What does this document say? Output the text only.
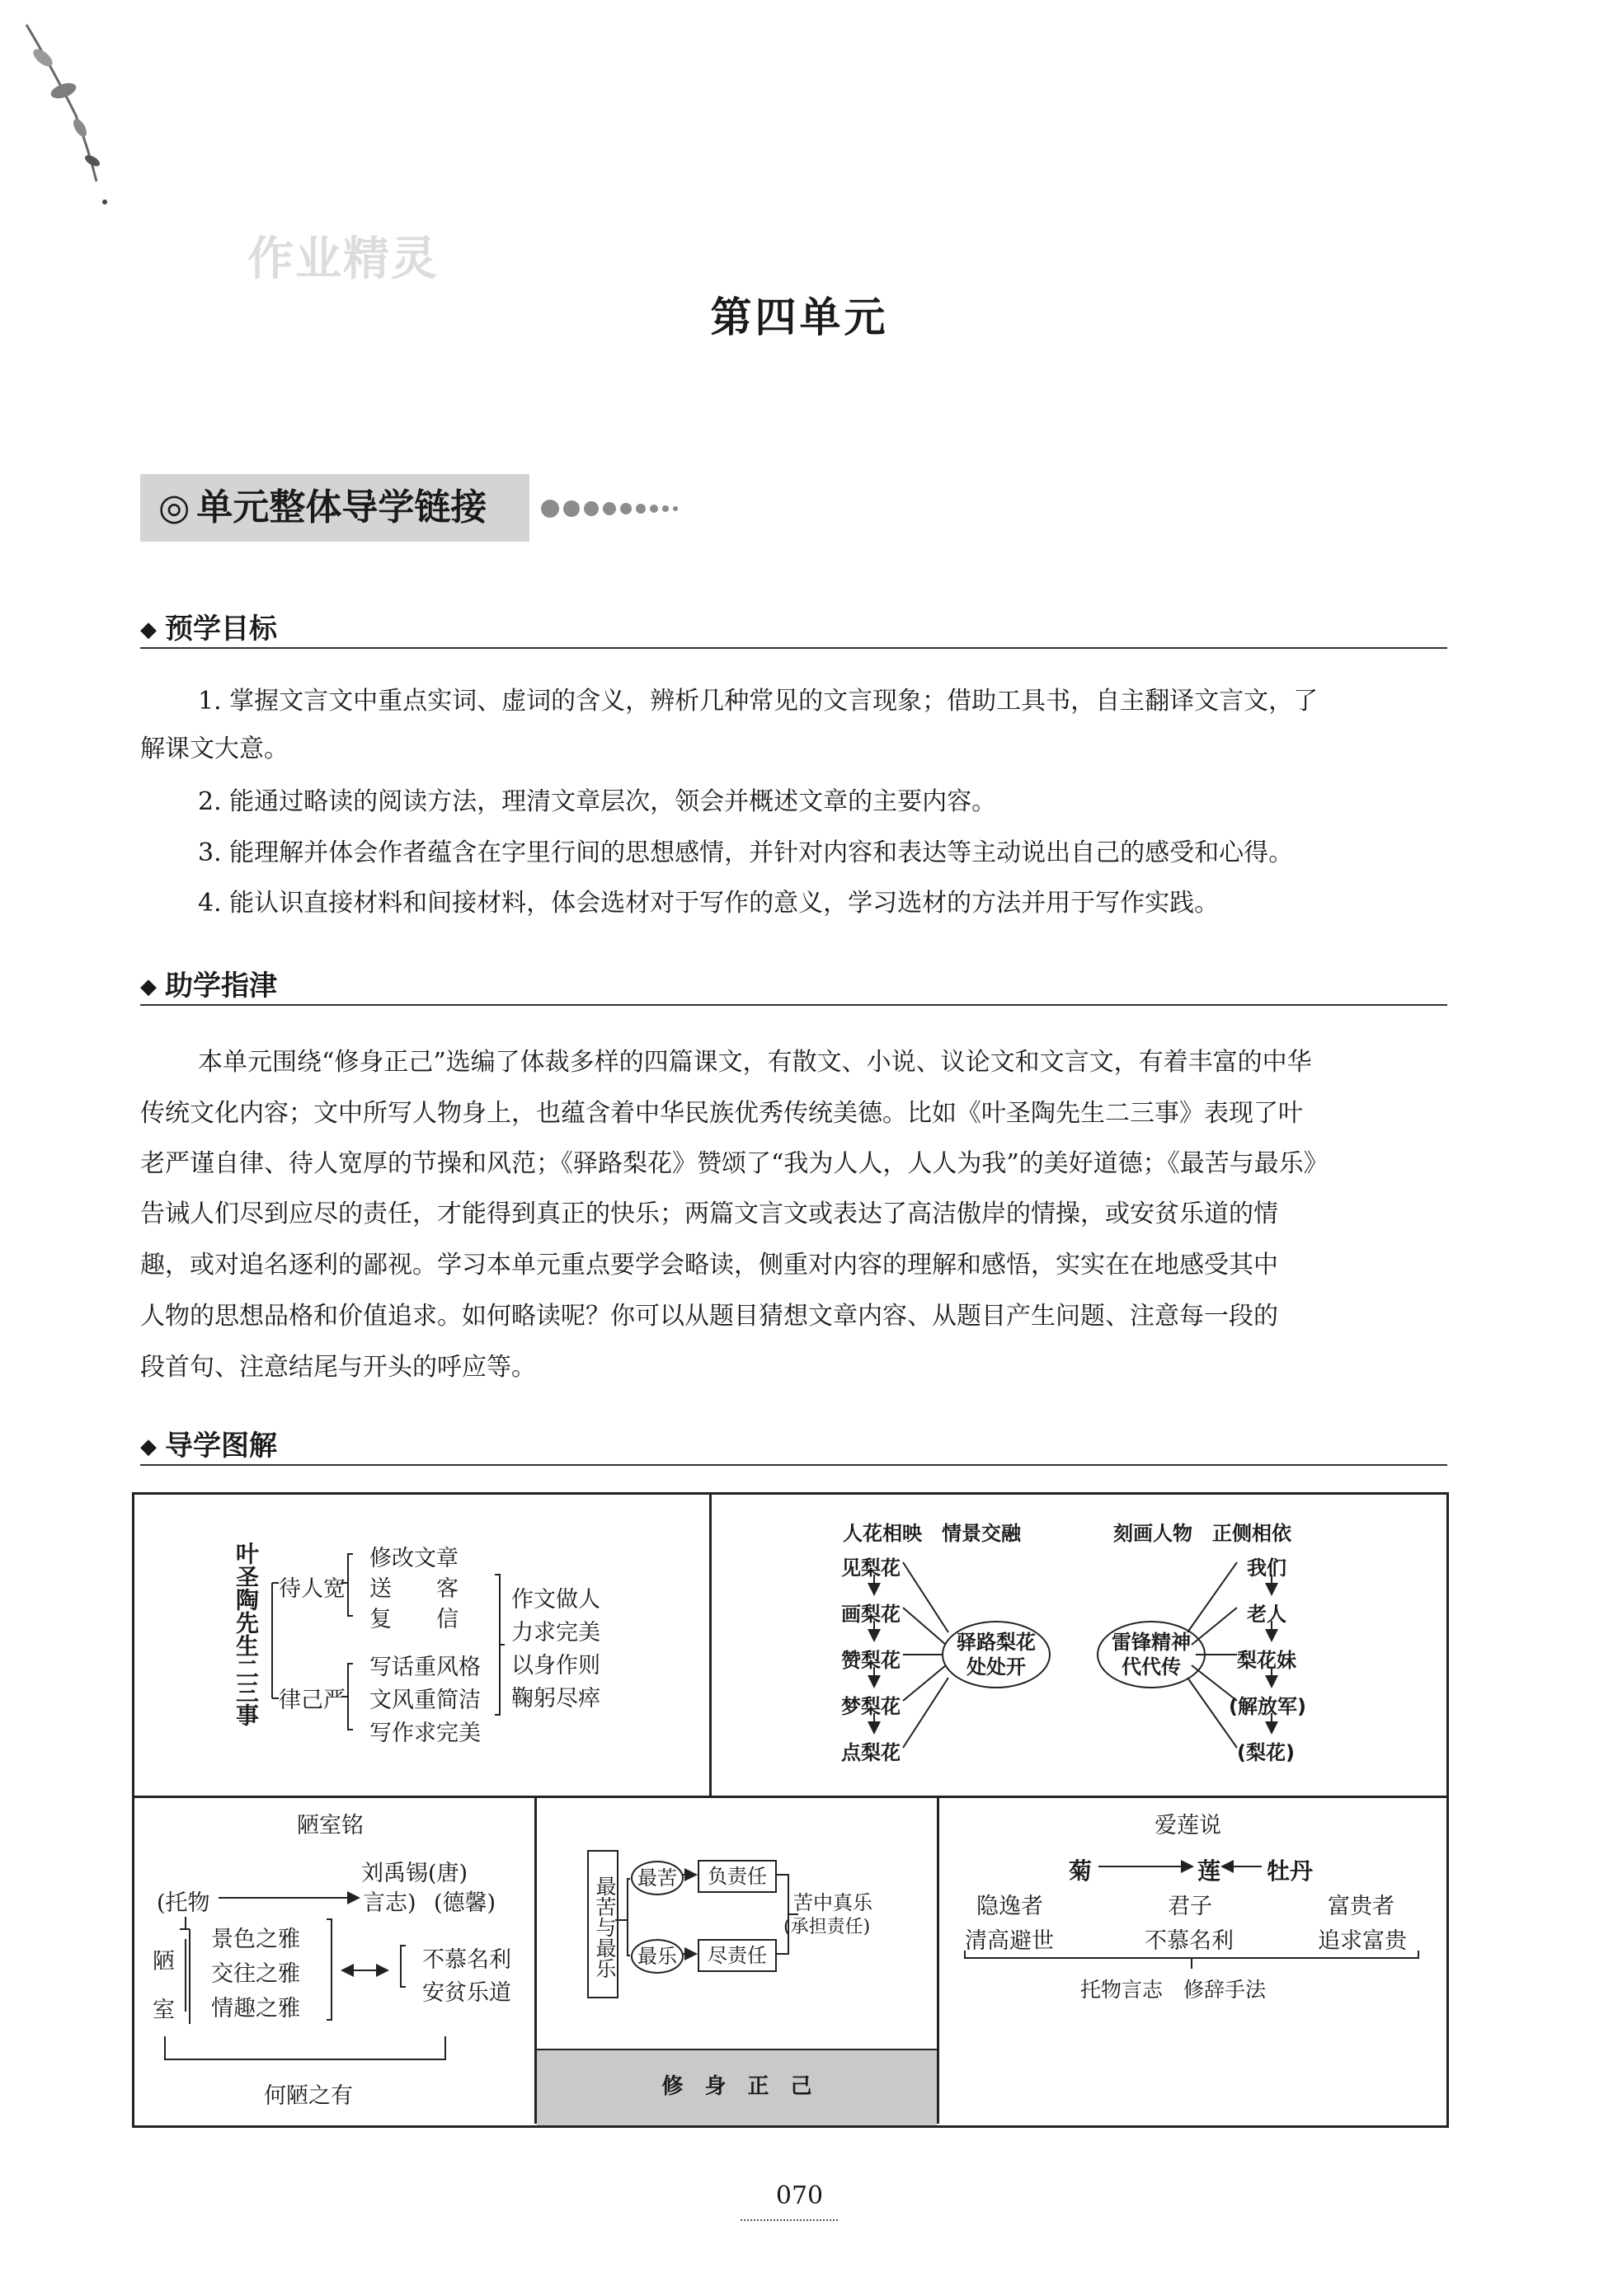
作业精灵
第四单元
◎ 单元整体导学链接
◆ 预学目标
1. 掌握文言文中重点实词、虚词的含义，辨析几种常见的文言现象；借助工具书，自主翻译文言文，了
解课文大意。
2. 能通过略读的阅读方法，理清文章层次，领会并概述文章的主要内容。
3. 能理解并体会作者蕴含在字里行间的思想感情，并针对内容和表达等主动说出自己的感受和心得。
4. 能认识直接材料和间接材料，体会选材对于写作的意义，学习选材的方法并用于写作实践。
◆ 助学指津
本单元围绕“修身正己”选编了体裁多样的四篇课文，有散文、小说、议论文和文言文，有着丰富的中华
传统文化内容；文中所写人物身上，也蕴含着中华民族优秀传统美德。比如《叶圣陶先生二三事》表现了叶
老严谨自律、待人宽厚的节操和风范；《驿路梨花》赞颂了“我为人人，人人为我”的美好道德；《最苦与最乐》
告诫人们尽到应尽的责任，才能得到真正的快乐；两篇文言文或表达了高洁傲岸的情操，或安贫乐道的情
趣，或对追名逐利的鄙视。学习本单元重点要学会略读，侧重对内容的理解和感悟，实实在在地感受其中
人物的思想品格和价值追求。如何略读呢？你可以从题目猜想文章内容、从题目产生问题、注意每一段的
段首句、注意结尾与开头的呼应等。
◆ 导学图解
修　身　正　己
叶圣陶先生二三事 待人宽
律己严
修改文章
送　　客
复　　信
写话重风格
文风重简洁
写作求完美
作文做人
力求完美
以身作则
鞠躬尽瘁
人花相映　情景交融	刻画人物　正侧相依
见梨花
画梨花
赞梨花
梦梨花
点梨花
驿路梨花
处处开
雷锋精神
代代传
我们
老人
梨花妹
(解放军)
(梨花)
陋室铭
刘禹锡(唐)
(托物	言志) (德馨)
陋
室
景色之雅
交往之雅
情趣之雅
不慕名利
安贫乐道
何陋之有
最苦与最乐	最苦
最乐
负责任
尽责任
苦中真乐
(承担责任)
爱莲说
菊	莲 牡丹
隐逸者	君子	富贵者
清高避世	不慕名利	追求富贵
托物言志　修辞手法
070
